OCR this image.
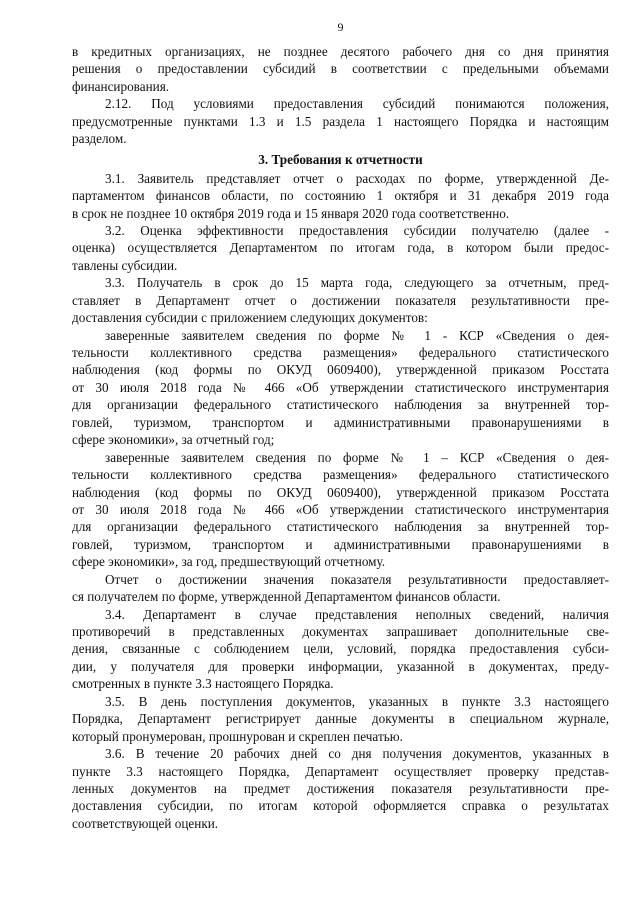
9
в кредитных организациях, не позднее десятого рабочего дня со дня принятия
решения о предоставлении субсидий в соответствии с предельными объемами
финансирования.
2.12. Под условиями предоставления субсидий понимаются положения,
предусмотренные пунктами 1.3 и 1.5 раздела 1 настоящего Порядка и настоящим
разделом.
3. Требования к отчетности
3.1. Заявитель представляет отчет о расходах по форме, утвержденной Де-
партаментом финансов области, по состоянию 1 октября и 31 декабря 2019 года
в срок не позднее 10 октября 2019 года и 15 января 2020 года соответственно.
3.2. Оценка эффективности предоставления субсидии получателю (далее -
оценка) осуществляется Департаментом по итогам года, в котором были предос-
тавлены субсидии.
3.3. Получатель в срок до 15 марта года, следующего за отчетным, пред-
ставляет в Департамент отчет о достижении показателя результативности пре-
доставления субсидии с приложением следующих документов:
заверенные заявителем сведения по форме № 1 - КСР «Сведения о дея-
тельности коллективного средства размещения» федерального статистического
наблюдения (код формы по ОКУД 0609400), утвержденной приказом Росстата
от 30 июля 2018 года № 466 «Об утверждении статистического инструментария
для организации федерального статистического наблюдения за внутренней тор-
говлей, туризмом, транспортом и административными правонарушениями в
сфере экономики», за отчетный год;
заверенные заявителем сведения по форме № 1 – КСР «Сведения о дея-
тельности коллективного средства размещения» федерального статистического
наблюдения (код формы по ОКУД 0609400), утвержденной приказом Росстата
от 30 июля 2018 года № 466 «Об утверждении статистического инструментария
для организации федерального статистического наблюдения за внутренней тор-
говлей, туризмом, транспортом и административными правонарушениями в
сфере экономики», за год, предшествующий отчетному.
Отчет о достижении значения показателя результативности предоставляет-
ся получателем по форме, утвержденной Департаментом финансов области.
3.4. Департамент в случае представления неполных сведений, наличия
противоречий в представленных документах запрашивает дополнительные све-
дения, связанные с соблюдением цели, условий, порядка предоставления субси-
дии, у получателя для проверки информации, указанной в документах, преду-
смотренных в пункте 3.3 настоящего Порядка.
3.5. В день поступления документов, указанных в пункте 3.3 настоящего
Порядка, Департамент регистрирует данные документы в специальном журнале,
который пронумерован, прошнурован и скреплен печатью.
3.6. В течение 20 рабочих дней со дня получения документов, указанных в
пункте 3.3 настоящего Порядка, Департамент осуществляет проверку представ-
ленных документов на предмет достижения показателя результативности пре-
доставления субсидии, по итогам которой оформляется справка о результатах
соответствующей оценки.
